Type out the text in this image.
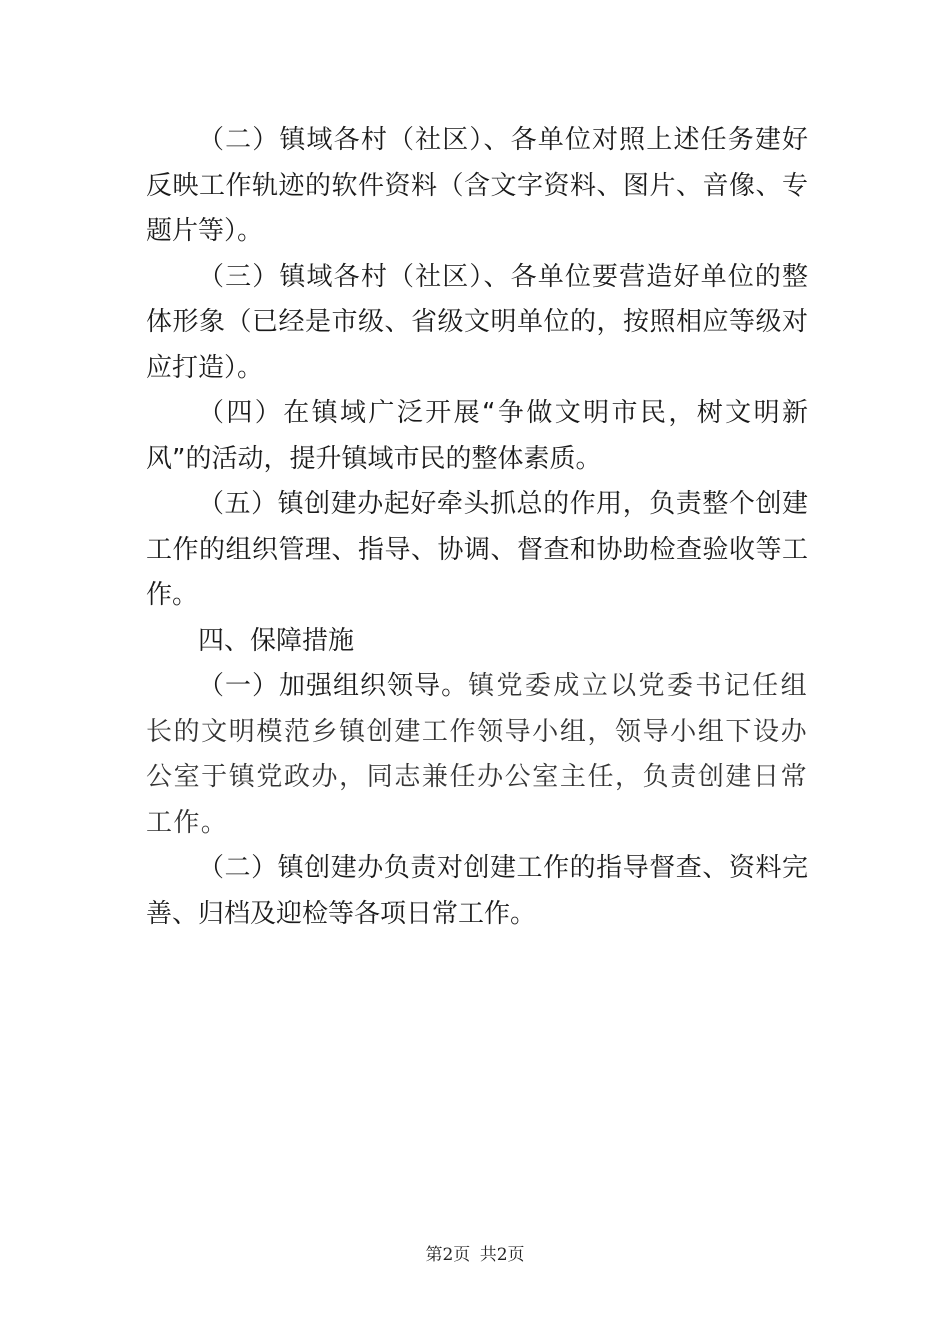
（二）镇域各村（社区）、各单位对照上述任务建好反映工作轨迹的软件资料（含文字资料、图片、音像、专题片等）。

（三）镇域各村（社区）、各单位要营造好单位的整体形象（已经是市级、省级文明单位的，按照相应等级对应打造）。

（四）在镇域广泛开展“争做文明市民，树文明新风”的活动，提升镇域市民的整体素质。

（五）镇创建办起好牵头抓总的作用，负责整个创建工作的组织管理、指导、协调、督查和协助检查验收等工作。

四、保障措施

（一）加强组织领导。镇党委成立以党委书记任组长的文明模范乡镇创建工作领导小组，领导小组下设办公室于镇党政办，同志兼任办公室主任，负责创建日常工作。

（二）镇创建办负责对创建工作的指导督查、资料完善、归档及迎检等各项日常工作。

第2页 共2页
